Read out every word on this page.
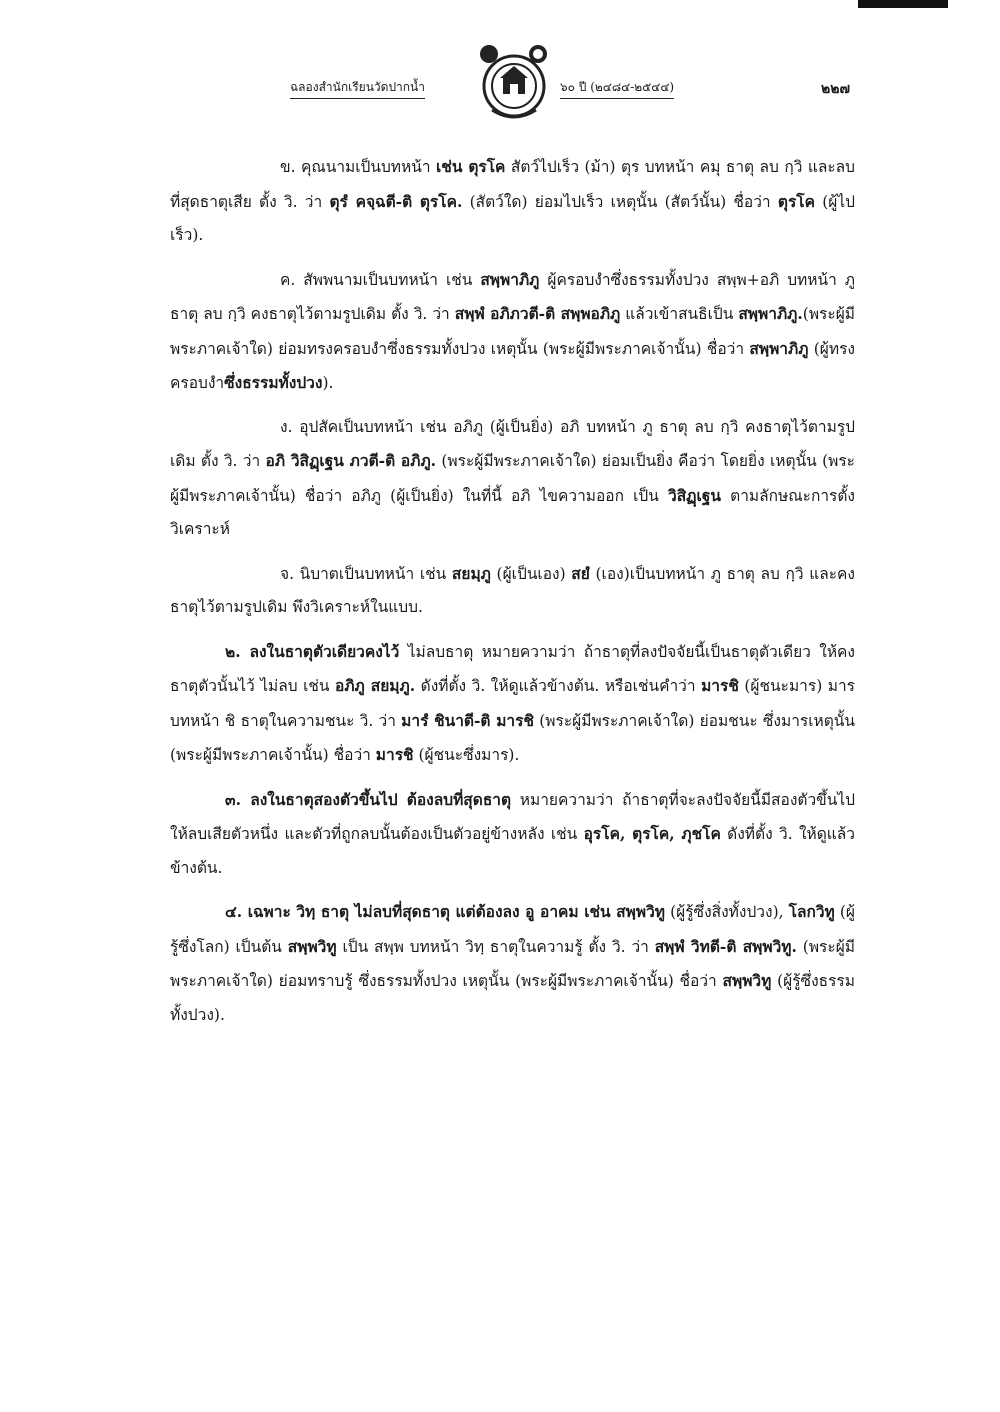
ฉลองสำนักเรียนวัดปากน้ำ	๖๐ ปี (๒๔๘๔-๒๕๔๔)	๒๒๗

ข. คุณนามเป็นบทหน้า เช่น ตุรโค สัตว์ไปเร็ว (ม้า) ตุร บทหน้า คมุ ธาตุ ลบ กฺวิ และลบที่สุดธาตุเสีย ตั้ง วิ. ว่า ตุรํ คจฺฉตี-ติ ตุรโค. (สัตว์ใด) ย่อมไปเร็ว เหตุนั้น (สัตว์นั้น) ชื่อว่า ตุรโค (ผู้ไปเร็ว).

ค. สัพพนามเป็นบทหน้า เช่น สพฺพาภิภู ผู้ครอบงำซึ่งธรรมทั้งปวง สพฺพ+อภิ บทหน้า ภู ธาตุ ลบ กฺวิ คงธาตุไว้ตามรูปเดิม ตั้ง วิ. ว่า สพฺพํ อภิภวตี-ติ สพฺพอภิภู แล้วเข้าสนธิเป็น สพฺพาภิภู.(พระผู้มีพระภาคเจ้าใด) ย่อมทรงครอบงำซึ่งธรรมทั้งปวง เหตุนั้น (พระผู้มีพระภาคเจ้านั้น) ชื่อว่า สพฺพาภิภู (ผู้ทรงครอบงำซึ่งธรรมทั้งปวง).

ง. อุปสัคเป็นบทหน้า เช่น อภิภู (ผู้เป็นยิ่ง) อภิ บทหน้า ภู ธาตุ ลบ กฺวิ คงธาตุไว้ตามรูปเดิม ตั้ง วิ. ว่า อภิ วิสิฏฺเฐน ภวตี-ติ อภิภู. (พระผู้มีพระภาคเจ้าใด) ย่อมเป็นยิ่ง คือว่า โดยยิ่ง เหตุนั้น (พระผู้มีพระภาคเจ้านั้น) ชื่อว่า อภิภู (ผู้เป็นยิ่ง) ในที่นี้ อภิ ไขความออก เป็น วิสิฏฺเฐน ตามลักษณะการตั้งวิเคราะห์

จ. นิบาตเป็นบทหน้า เช่น สยมฺภู (ผู้เป็นเอง) สยํ (เอง)เป็นบทหน้า ภู ธาตุ ลบ กฺวิ และคงธาตุไว้ตามรูปเดิม พึงวิเคราะห์ในแบบ.

๒. ลงในธาตุตัวเดียวคงไว้ ไม่ลบธาตุ หมายความว่า ถ้าธาตุที่ลงปัจจัยนี้เป็นธาตุตัวเดียว ให้คงธาตุตัวนั้นไว้ ไม่ลบ เช่น อภิภู สยมฺภู. ดังที่ตั้ง วิ. ให้ดูแล้วข้างต้น. หรือเช่นคำว่า มารชิ (ผู้ชนะมาร) มาร บทหน้า ชิ ธาตุในความชนะ วิ. ว่า มารํ ชินาตี-ติ มารชิ (พระผู้มีพระภาคเจ้าใด) ย่อมชนะ ซึ่งมารเหตุนั้น (พระผู้มีพระภาคเจ้านั้น) ชื่อว่า มารชิ (ผู้ชนะซึ่งมาร).

๓. ลงในธาตุสองตัวขึ้นไป ต้องลบที่สุดธาตุ หมายความว่า ถ้าธาตุที่จะลงปัจจัยนี้มีสองตัวขึ้นไป ให้ลบเสียตัวหนึ่ง และตัวที่ถูกลบนั้นต้องเป็นตัวอยู่ข้างหลัง เช่น อุรโค, ตุรโค, ภุชโค ดังที่ตั้ง วิ. ให้ดูแล้วข้างต้น.

๔. เฉพาะ วิทฺ ธาตุ ไม่ลบที่สุดธาตุ แต่ต้องลง อู อาคม เช่น สพฺพวิทู (ผู้รู้ซึ่งสิ่งทั้งปวง), โลกวิทู (ผู้รู้ซึ่งโลก) เป็นต้น สพฺพวิทู เป็น สพฺพ บทหน้า วิทฺ ธาตุในความรู้ ตั้ง วิ. ว่า สพฺพํ วิทตี-ติ สพฺพวิทู. (พระผู้มีพระภาคเจ้าใด) ย่อมทราบรู้ ซึ่งธรรมทั้งปวง เหตุนั้น (พระผู้มีพระภาคเจ้านั้น) ชื่อว่า สพฺพวิทู (ผู้รู้ซึ่งธรรมทั้งปวง).
